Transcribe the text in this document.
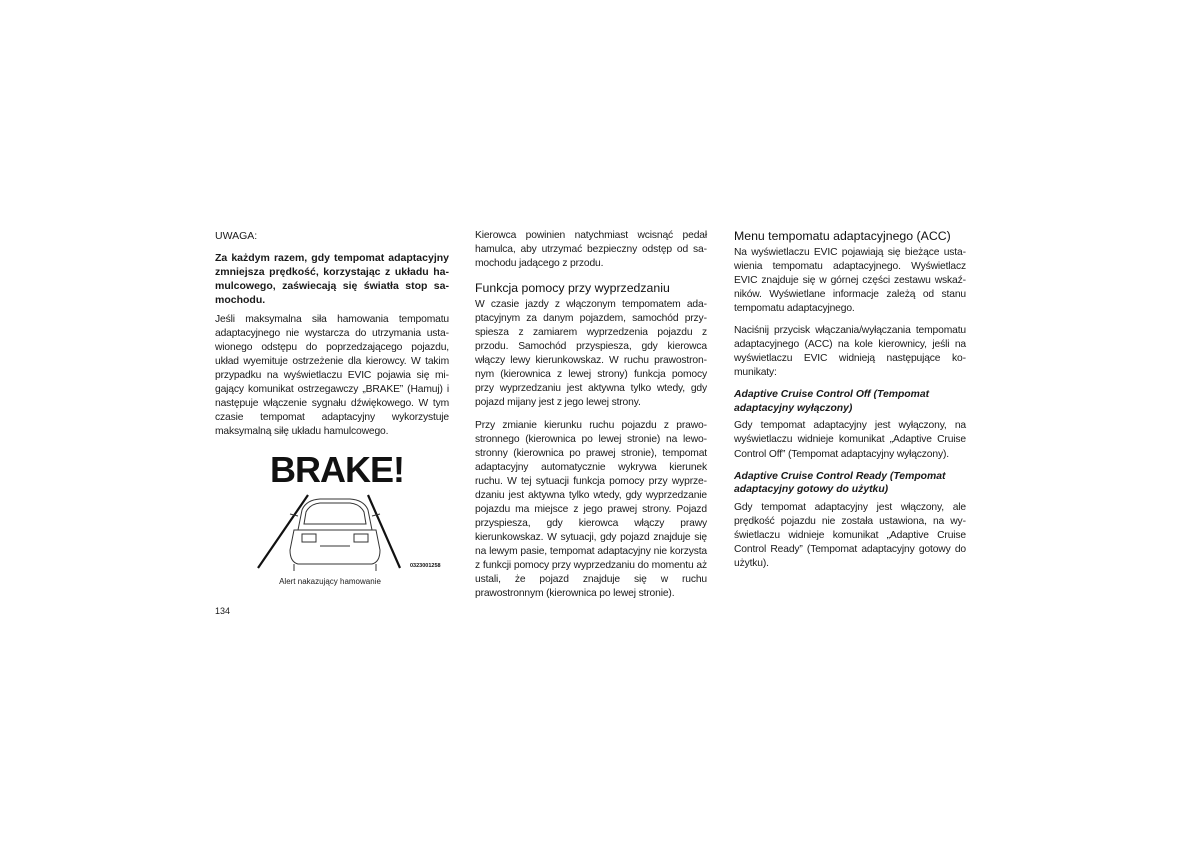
UWAGA:

Za każdym razem, gdy tempomat adaptacyjny zmniejsza prędkość, korzystając z układu hamulcowego, zaświecają się światła stop samochodu.

Jeśli maksymalna siła hamowania tempomatu adaptacyjnego nie wystarcza do utrzymania ustawionego odstępu do poprzedzającego pojazdu, układ wyemituje ostrzeżenie dla kierowcy. W takim przypadku na wyświetlaczu EVIC pojawia się migający komunikat ostrzegawczy „BRAKE” (Hamuj) i następuje włączenie sygnału dźwiękowego. W tym czasie tempomat adaptacyjny wykorzystuje maksymalną siłę układu hamulcowego.

BRAKE!
0323001258

Alert nakazujący hamowanie

Kierowca powinien natychmiast wcisnąć pedał hamulca, aby utrzymać bezpieczny odstęp od samochodu jadącego z przodu.

Funkcja pomocy przy wyprzedzaniu

W czasie jazdy z włączonym tempomatem adaptacyjnym za danym pojazdem, samochód przyspiesza z zamiarem wyprzedzenia pojazdu z przodu. Samochód przyspiesza, gdy kierowca włączy lewy kierunkowskaz. W ruchu prawostronnym (kierownica z lewej strony) funkcja pomocy przy wyprzedzaniu jest aktywna tylko wtedy, gdy pojazd mijany jest z jego lewej strony.

Przy zmianie kierunku ruchu pojazdu z prawostronnego (kierownica po lewej stronie) na lewostronny (kierownica po prawej stronie), tempomat adaptacyjny automatycznie wykrywa kierunek ruchu. W tej sytuacji funkcja pomocy przy wyprzedzaniu jest aktywna tylko wtedy, gdy wyprzedzanie pojazdu ma miejsce z jego prawej strony. Pojazd przyspiesza, gdy kierowca włączy prawy kierunkowskaz. W sytuacji, gdy pojazd znajduje się na lewym pasie, tempomat adaptacyjny nie korzysta z funkcji pomocy przy wyprzedzaniu do momentu aż ustali, że pojazd znajduje się w ruchu prawostronnym (kierownica po lewej stronie).

Menu tempomatu adaptacyjnego (ACC)

Na wyświetlaczu EVIC pojawiają się bieżące ustawienia tempomatu adaptacyjnego. Wyświetlacz EVIC znajduje się w górnej części zestawu wskaźników. Wyświetlane informacje zależą od stanu tempomatu adaptacyjnego.

Naciśnij przycisk włączania/wyłączania tempomatu adaptacyjnego (ACC) na kole kierownicy, jeśli na wyświetlaczu EVIC widnieją następujące komunikaty:

Adaptive Cruise Control Off (Tempomat adaptacyjny wyłączony)

Gdy tempomat adaptacyjny jest wyłączony, na wyświetlaczu widnieje komunikat „Adaptive Cruise Control Off” (Tempomat adaptacyjny wyłączony).

Adaptive Cruise Control Ready (Tempomat adaptacyjny gotowy do użytku)

Gdy tempomat adaptacyjny jest włączony, ale prędkość pojazdu nie została ustawiona, na wyświetlaczu widnieje komunikat „Adaptive Cruise Control Ready” (Tempomat adaptacyjny gotowy do użytku).

134
